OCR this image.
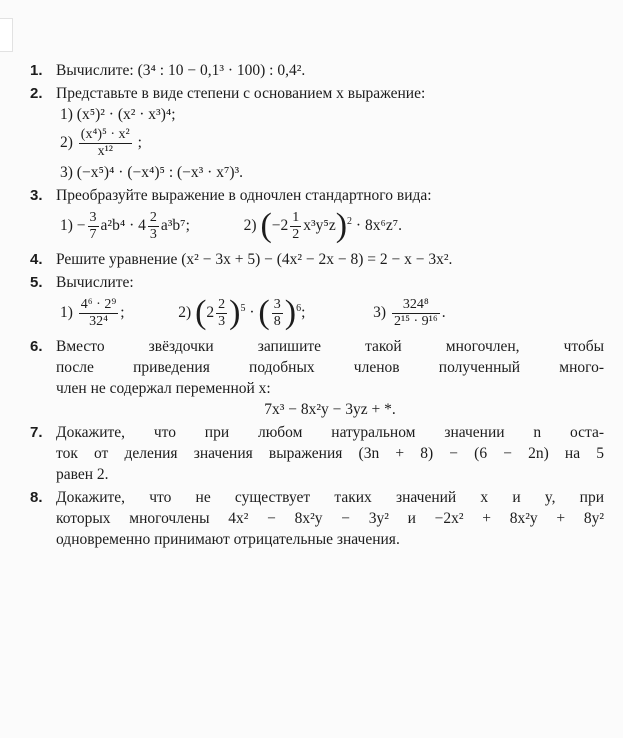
1. Вычислите: (3⁴ : 10 − 0,1³ · 100) : 0,4².
2. Представьте в виде степени с основанием x выражение:
1) (x⁵)² · (x² · x³)⁴;
$2) \frac{\text{(x⁴)⁵ · x²}}{\text{x¹²}}$ ;
3) (−x⁵)⁴ · (−x⁴)⁵ : (−x³ · x⁷)³.
3. Преобразуйте выражение в одночлен стандартного вида:
$1) - \frac{3}{7} a^2b^4 \cdot 4 \frac{2}{3} a^3b^7$;	2) $(-2 \frac{1}{2} x^3y^5z)^2 \cdot 8x^6z^7$.
4. Решите уравнение (x² − 3x + 5) − (4x² − 2x − 8) = 2 − x − 3x².
5. Вычислите:
$1) \frac{\text{4⁶ · 2⁹}}{\text{32⁴}}$ ;	2) $(2 \frac{2}{3} )^5$ · ( $\frac{3}{8} )^6$;	$3) \frac{\text{324⁸}}{\text{2¹⁵ · 9¹⁶}}$ .
6. Вместо звёздочки запишите такой многочлен, чтобы
после приведения подобных членов полученный много-
член не содержал переменной x:
7x³ − 8x²y − 3yz + *.
7. Докажите, что при любом натуральном значении n оста-
ток от деления значения выражения (3n + 8) − (6 − 2n) на 5
равен 2.
8. Докажите, что не существует таких значений x и y, при
которых многочлены 4x² − 8x²y − 3y² и −2x² + 8x²y + 8y²
одновременно принимают отрицательные значения.
